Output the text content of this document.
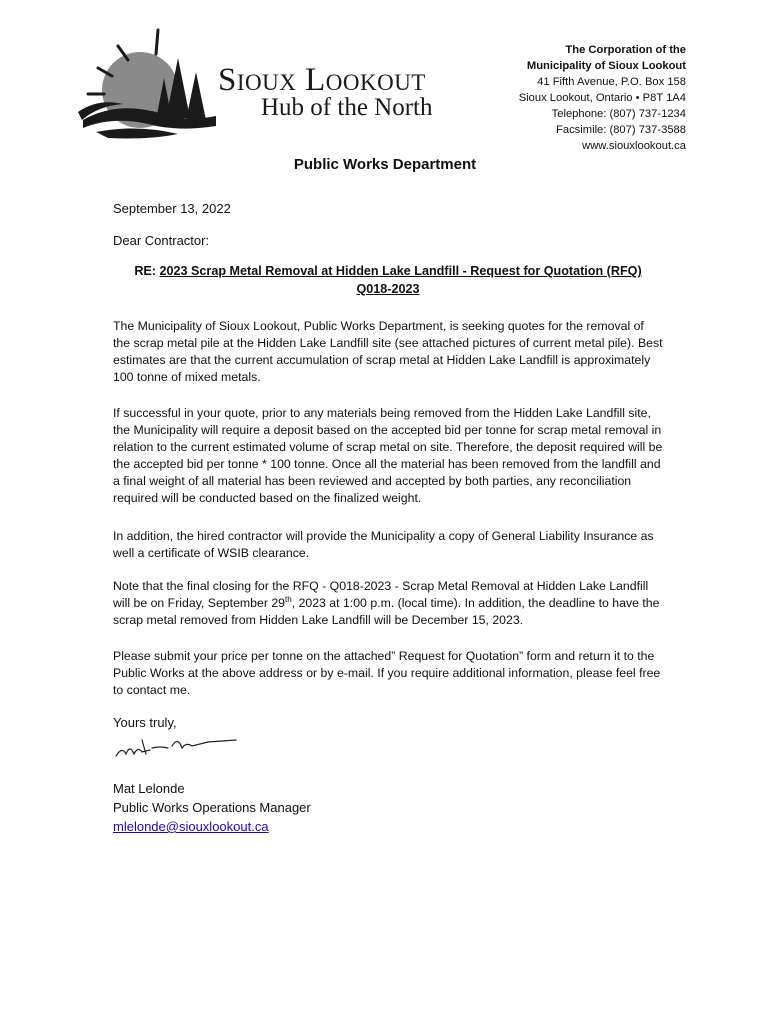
Sioux Lookout
Hub of the North
The Corporation of the
Municipality of Sioux Lookout
41 Fifth Avenue, P.O. Box 158
Sioux Lookout, Ontario • P8T 1A4
Telephone: (807) 737-1234
Facsimile: (807) 737-3588
www.siouxlookout.ca
Public Works Department
September 13, 2022
Dear Contractor:
RE: 2023 Scrap Metal Removal at Hidden Lake Landfill - Request for Quotation (RFQ)
Q018-2023
The Municipality of Sioux Lookout, Public Works Department, is seeking quotes for the removal of the scrap metal pile at the Hidden Lake Landfill site (see attached pictures of current metal pile). Best estimates are that the current accumulation of scrap metal at Hidden Lake Landfill is approximately 100 tonne of mixed metals.
If successful in your quote, prior to any materials being removed from the Hidden Lake Landfill site, the Municipality will require a deposit based on the accepted bid per tonne for scrap metal removal in relation to the current estimated volume of scrap metal on site. Therefore, the deposit required will be the accepted bid per tonne * 100 tonne. Once all the material has been removed from the landfill and a final weight of all material has been reviewed and accepted by both parties, any reconciliation required will be conducted based on the finalized weight.
In addition, the hired contractor will provide the Municipality a copy of General Liability Insurance as well a certificate of WSIB clearance.
Note that the final closing for the RFQ - Q018-2023 - Scrap Metal Removal at Hidden Lake Landfill will be on Friday, September 29th, 2023 at 1:00 p.m. (local time). In addition, the deadline to have the scrap metal removed from Hidden Lake Landfill will be December 15, 2023.
Please submit your price per tonne on the attached” Request for Quotation” form and return it to the Public Works at the above address or by e-mail. If you require additional information, please feel free to contact me.
Yours truly,
Mat Lelonde
Public Works Operations Manager
mlelonde@siouxlookout.ca
